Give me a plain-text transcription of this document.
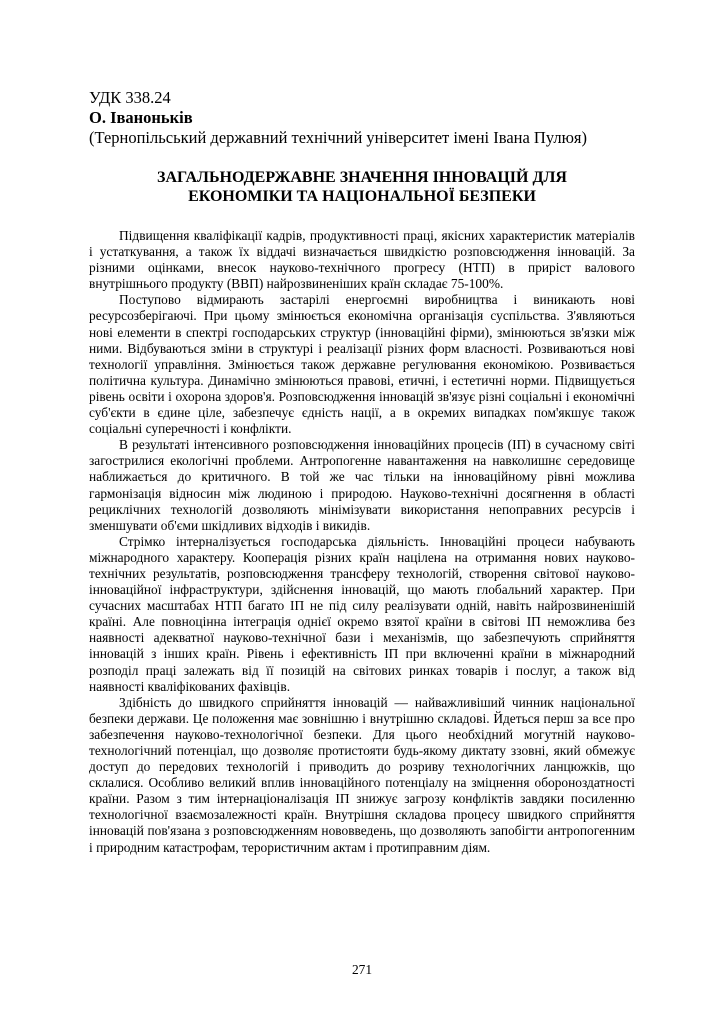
УДК 338.24

О. Іваноньків

(Тернопільський державний технічний університет імені Івана Пулюя)

ЗАГАЛЬНОДЕРЖАВНЕ ЗНАЧЕННЯ ІННОВАЦІЙ ДЛЯ
ЕКОНОМІКИ ТА НАЦІОНАЛЬНОЇ БЕЗПЕКИ

Підвищення кваліфікації кадрів, продуктивності праці, якісних характеристик матеріалів і устаткування, а також їх віддачі визначається швидкістю розповсюдження інновацій. За різними оцінками, внесок науково-технічного прогресу (НТП) в приріст валового внутрішнього продукту (ВВП) найрозвиненіших країн складає 75-100%.

Поступово відмирають застарілі енергоємні виробництва і виникають нові ресурсозберігаючі. При цьому змінюється економічна організація суспільства. З'являються нові елементи в спектрі господарських структур (інноваційні фірми), змінюються зв'язки між ними. Відбуваються зміни в структурі і реалізації різних форм власності. Розвиваються нові технології управління. Змінюється також державне регулювання економікою. Розвивається політична культура. Динамічно змінюються правові, етичні, і естетичні норми. Підвищується рівень освіти і охорона здоров'я. Розповсюдження інновацій зв'язує різні соціальні і економічні суб'єкти в єдине ціле, забезпечує єдність нації, а в окремих випадках пом'якшує також соціальні суперечності і конфлікти.

В результаті інтенсивного розповсюдження інноваційних процесів (ІП) в сучасному світі загострилися екологічні проблеми. Антропогенне навантаження на навколишнє середовище наближається до критичного. В той же час тільки на інноваційному рівні можлива гармонізація відносин між людиною і природою. Науково-технічні досягнення в області рециклічних технологій дозволяють мінімізувати використання непоправних ресурсів і зменшувати об'єми шкідливих відходів і викидів.

Стрімко інтерналізується господарська діяльність. Інноваційні процеси набувають міжнародного характеру. Кооперація різних країн націлена на отримання нових науково-технічних результатів, розповсюдження трансферу технологій, створення світової науково-інноваційної інфраструктури, здійснення інновацій, що мають глобальний характер. При сучасних масштабах НТП багато ІП не під силу реалізувати одній, навіть найрозвиненішій країні. Але повноцінна інтеграція однієї окремо взятої країни в світові ІП неможлива без наявності адекватної науково-технічної бази і механізмів, що забезпечують сприйняття інновацій з інших країн. Рівень і ефективність ІП при включенні країни в міжнародний розподіл праці залежать від її позицій на світових ринках товарів і послуг, а також від наявності кваліфікованих фахівців.

Здібність до швидкого сприйняття інновацій — найважливіший чинник національної безпеки держави. Це положення має зовнішню і внутрішню складові. Йдеться перш за все про забезпечення науково-технологічної безпеки. Для цього необхідний могутній науково-технологічний потенціал, що дозволяє протистояти будь-якому диктату ззовні, який обмежує доступ до передових технологій і приводить до розриву технологічних ланцюжків, що склалися. Особливо великий вплив інноваційного потенціалу на зміцнення обороноздатності країни. Разом з тим інтернаціоналізація ІП знижує загрозу конфліктів завдяки посиленню технологічної взаємозалежності країн. Внутрішня складова процесу швидкого сприйняття інновацій пов'язана з розповсюдженням нововведень, що дозволяють запобігти антропогенним і природним катастрофам, терористичним актам і протиправним діям.

271
